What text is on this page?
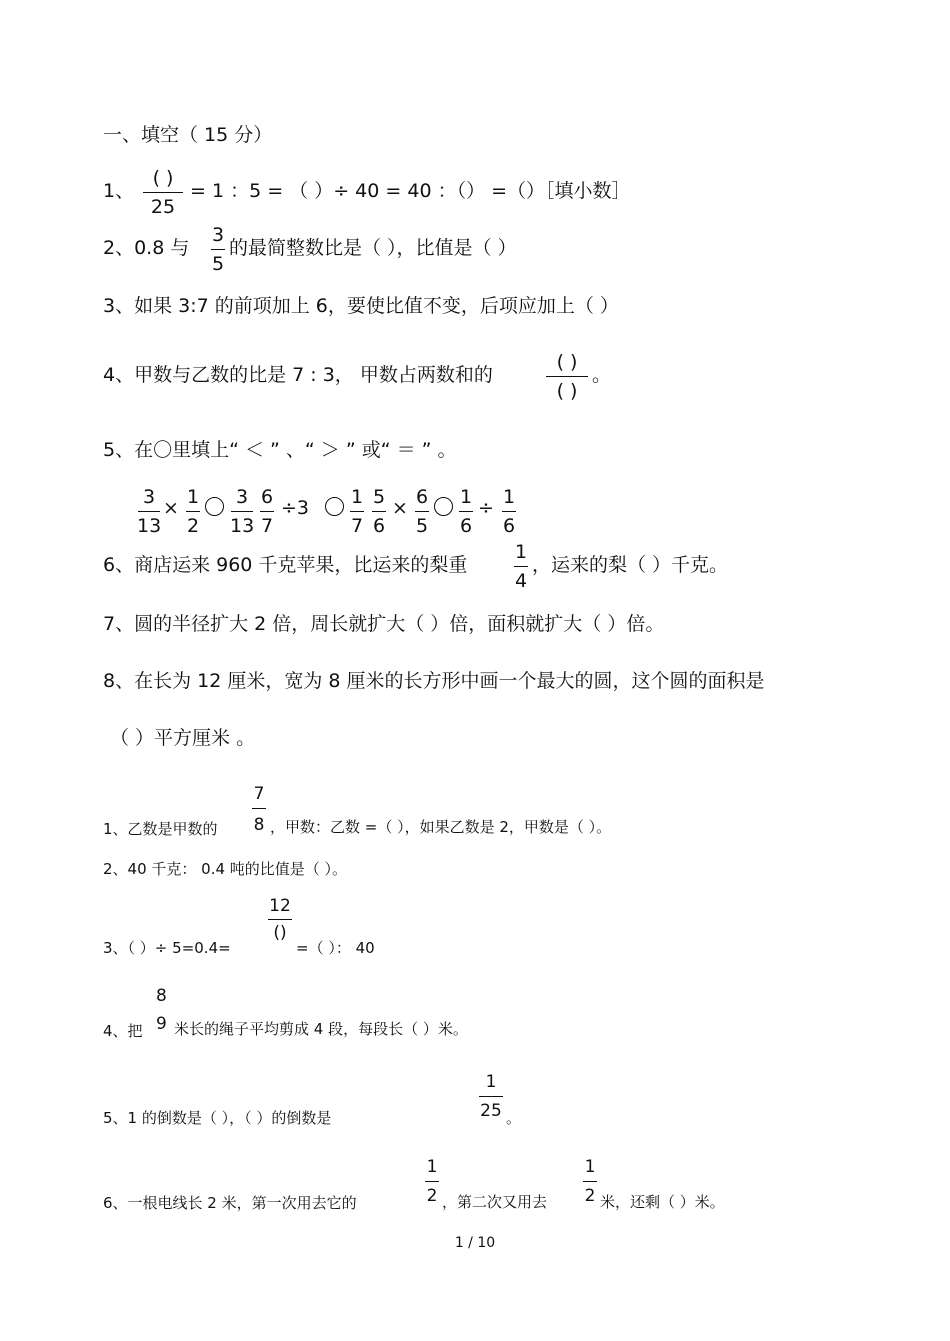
一、填空（ 15 分）
1、
( )
25
= 1 ：5 = （ ）÷ 40 = 40 ：（） =（）［填小数］
2、0.8 与
3
5
的最简整数比是（ ），比值是（ ）
3、如果 3:7 的前项加上 6，要使比值不变，后项应加上（ ）
4、甲数与乙数的比是 7 : 3， 甲数占两数和的
( )
( )
。
5、在〇里填上“ ＜ ” 、“ ＞ ” 或“ ＝ ” 。
3
13
× 1
2
3
13
6
7
÷3 1
7
5
6
× 6
5
1
6
÷ 1
6
6、商店运来 960 千克苹果，比运来的梨重
1
4
，运来的梨（ ）千克。
7、圆的半径扩大 2 倍，周长就扩大（ ）倍，面积就扩大（ ）倍。
8、在长为 12 厘米，宽为 8 厘米的长方形中画一个最大的圆，这个圆的面积是
（ ）平方厘米 。
7
8
1、乙数是甲数的	，甲数：乙数 =（ ），如果乙数是 2，甲数是（ ）。
2、40 千克： 0.4 吨的比值是（ ）。
3、（ ）÷ 5=0.4=
12
()
=（ ）： 40
8
9
4、把 米长的绳子平均剪成 4 段，每段长（ ）米。
5、1 的倒数是（ ），（ ）的倒数是
1
25 。
6、一根电线长 2 米，第一次用去它的
1
2 ，第二次又用去
1
2 米，还剩（ ）米。
1 / 10
